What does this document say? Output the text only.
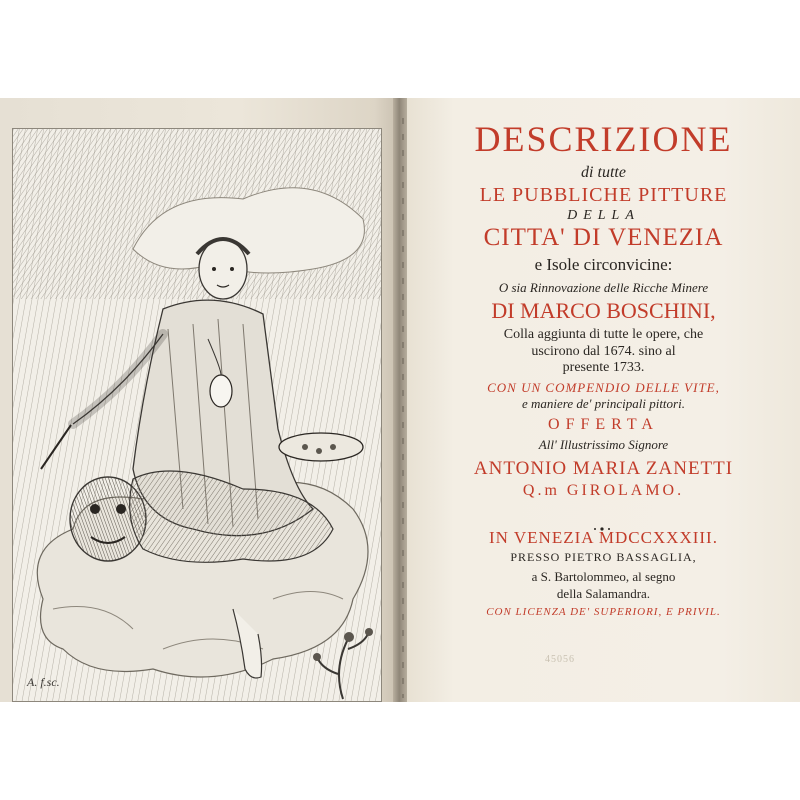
A. f.sc.
DESCRIZIONE
di tutte
LE PUBBLICHE PITTURE
DELLA
CITTA' DI VENEZIA
e Isole circonvicine:
O sia Rinnovazione delle Ricche Minere
DI MARCO BOSCHINI,
Colla aggiunta di tutte le opere, che
uscirono dal 1674. sino al
presente 1733.
CON UN COMPENDIO DELLE VITE,
e maniere de' principali pittori.
OFFERTA
All' Illustrissimo Signore
ANTONIO MARIA ZANETTI
Q.m GIROLAMO.
IN VENEZIA MDCCXXXIII.
PRESSO PIETRO BASSAGLIA,
a S. Bartolommeo, al segno
della Salamandra.
CON LICENZA DE' SUPERIORI, E PRIVIL.
45056
